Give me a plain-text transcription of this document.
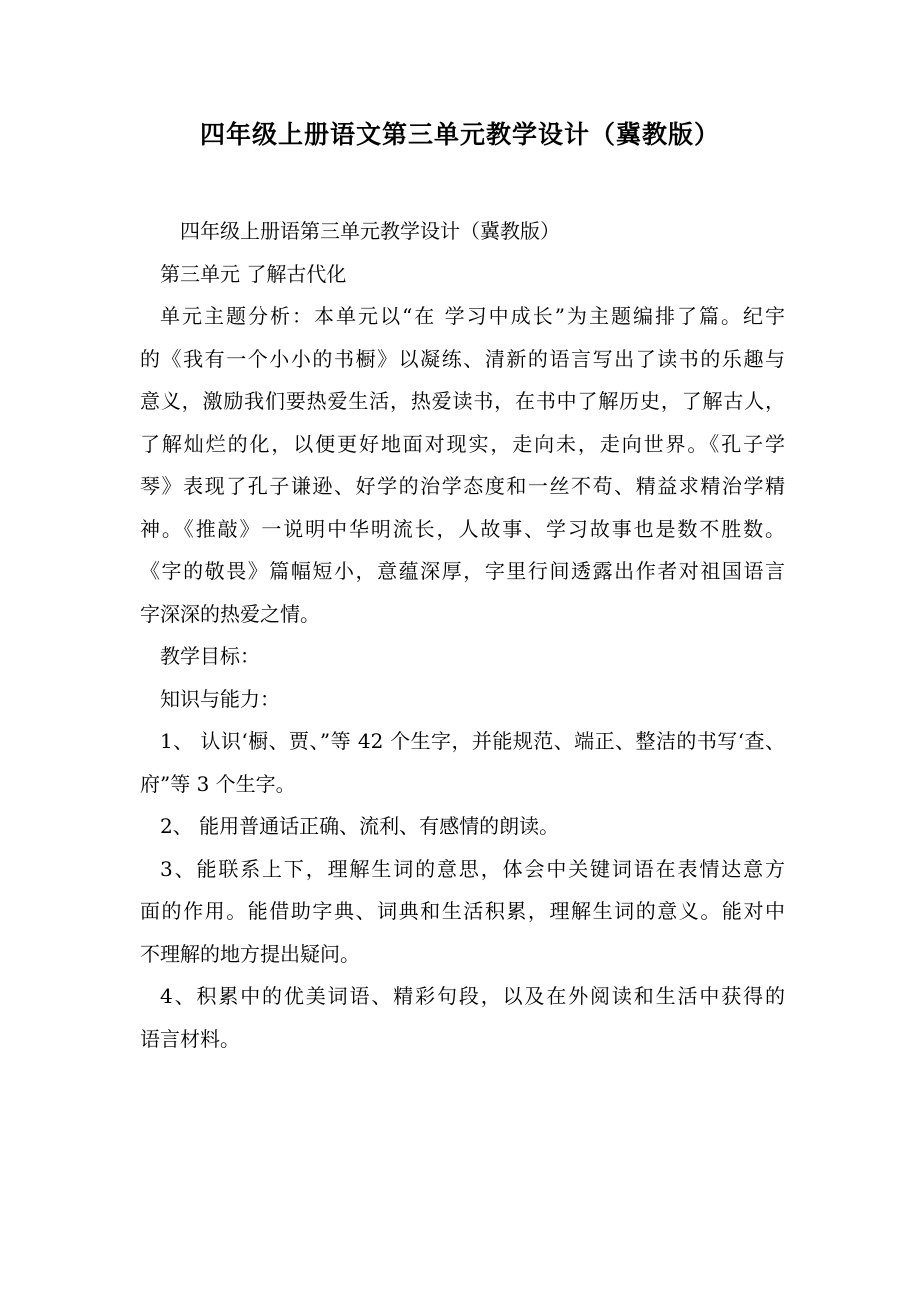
四年级上册语文第三单元教学设计（冀教版）
四年级上册语第三单元教学设计（冀教版）
第三单元 了解古代化
单元主题分析：本单元以“在 学习中成长”为主题编排了篇。纪宇
的《我有一个小小的书橱》以凝练、清新的语言写出了读书的乐趣与
意义，激励我们要热爱生活，热爱读书，在书中了解历史，了解古人，
了解灿烂的化，以便更好地面对现实，走向未，走向世界。《孔子学
琴》表现了孔子谦逊、好学的治学态度和一丝不苟、精益求精治学精
神。《推敲》一说明中华明流长，人故事、学习故事也是数不胜数。
《字的敬畏》篇幅短小，意蕴深厚，字里行间透露出作者对祖国语言
字深深的热爱之情。
教学目标：
知识与能力：
1、 认识‘橱、贾、”等 42 个生字，并能规范、端正、整洁的书写‘查、
府”等 3 个生字。
2、 能用普通话正确、流利、有感情的朗读。
3、能联系上下，理解生词的意思，体会中关键词语在表情达意方
面的作用。能借助字典、词典和生活积累，理解生词的意义。能对中
不理解的地方提出疑问。
4、积累中的优美词语、精彩句段，以及在外阅读和生活中获得的
语言材料。
